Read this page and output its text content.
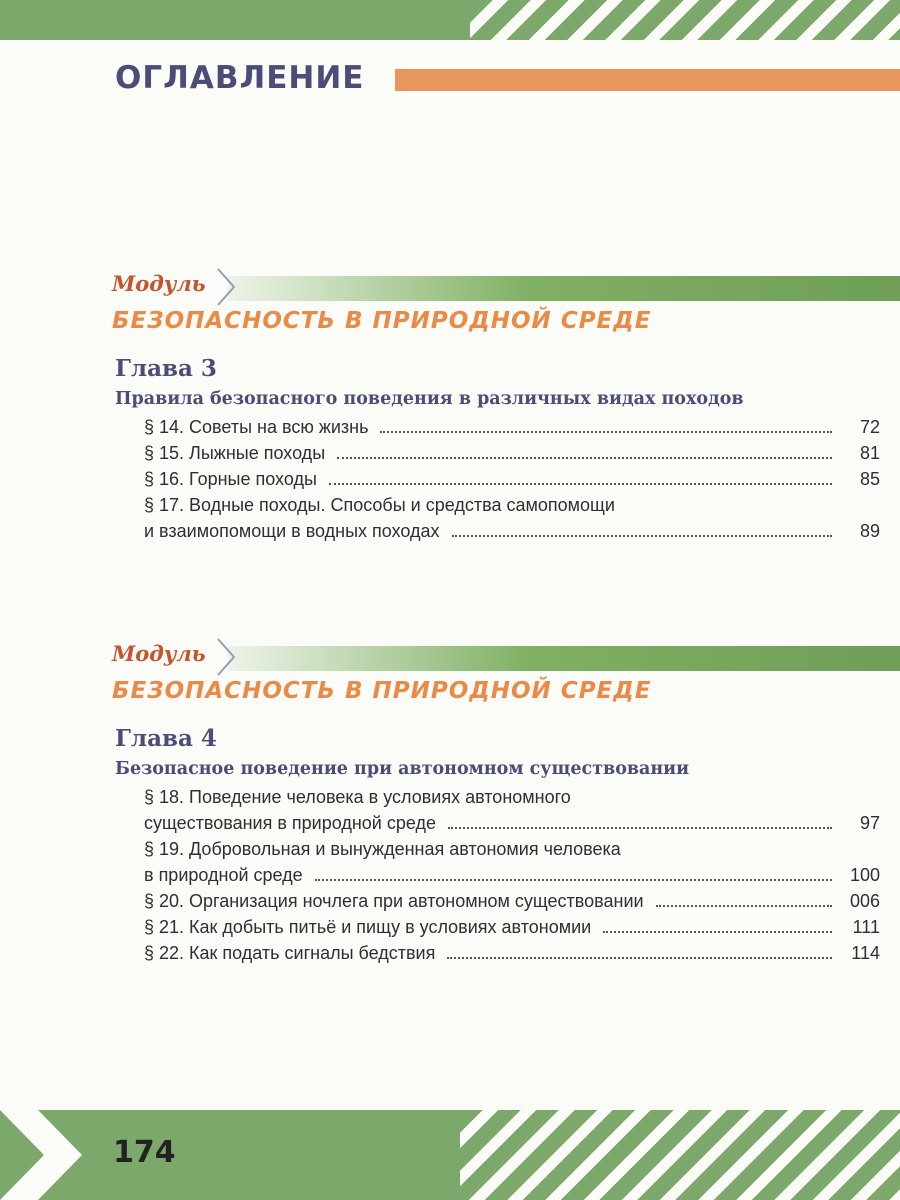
ОГЛАВЛЕНИЕ
Модуль
БЕЗОПАСНОСТЬ В ПРИРОДНОЙ СРЕДЕ
Глава 3
Правила безопасного поведения в различных видах походов
§ 14. Советы на всю жизнь	72
§ 15. Лыжные походы	81
§ 16. Горные походы	85
§ 17. Водные походы. Способы и средства самопомощи
и взаимопомощи в водных походах	89
Модуль
БЕЗОПАСНОСТЬ В ПРИРОДНОЙ СРЕДЕ
Глава 4
Безопасное поведение при автономном существовании
§ 18. Поведение человека в условиях автономного
существования в природной среде	97
§ 19. Добровольная и вынужденная автономия человека
в природной среде	100
§ 20. Организация ночлега при автономном существовании	006
§ 21. Как добыть питьё и пищу в условиях автономии	111
§ 22. Как подать сигналы бедствия	114
174
